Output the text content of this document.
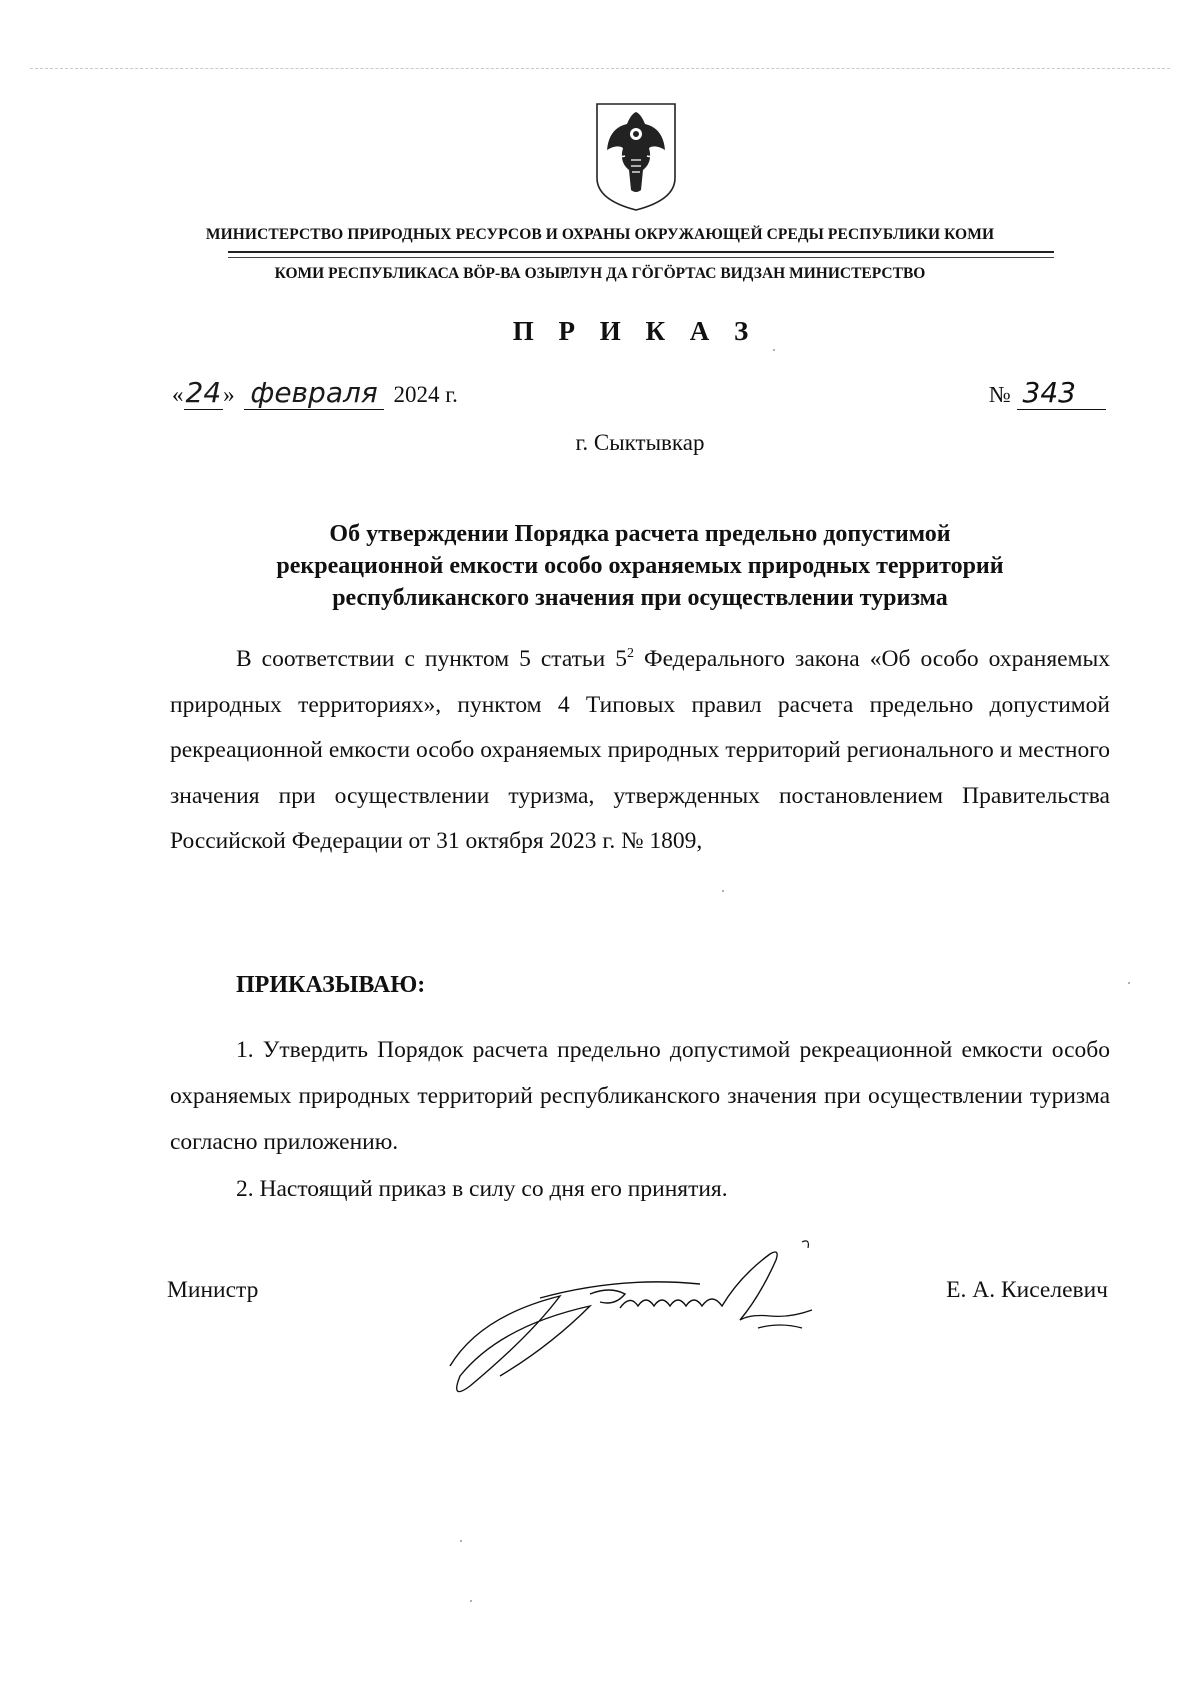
МИНИСТЕРСТВО ПРИРОДНЫХ РЕСУРСОВ И ОХРАНЫ ОКРУЖАЮЩЕЙ СРЕДЫ РЕСПУБЛИКИ КОМИ
КОМИ РЕСПУБЛИКАСА ВӦР-ВА ОЗЫРЛУН ДА ГӦГӦРТАС ВИДЗАН МИНИСТЕРСТВО
П Р И К А З
«24» февраля 2024 г.	№ 343
г. Сыктывкар
Об утверждении Порядка расчета предельно допустимой
рекреационной емкости особо охраняемых природных территорий
республиканского значения при осуществлении туризма
В соответствии с пунктом 5 статьи $5^2$ Федерального закона «Об особо охраняемых природных территориях», пунктом 4 Типовых правил расчета предельно допустимой рекреационной емкости особо охраняемых природных территорий регионального и местного значения при осуществлении туризма, утвержденных постановлением Правительства Российской Федерации от 31 октября 2023 г. № 1809,
ПРИКАЗЫВАЮ:
1. Утвердить Порядок расчета предельно допустимой рекреационной емкости особо охраняемых природных территорий республиканского значения при осуществлении туризма согласно приложению.
2. Настоящий приказ в силу со дня его принятия.
Министр	Е. А. Киселевич
